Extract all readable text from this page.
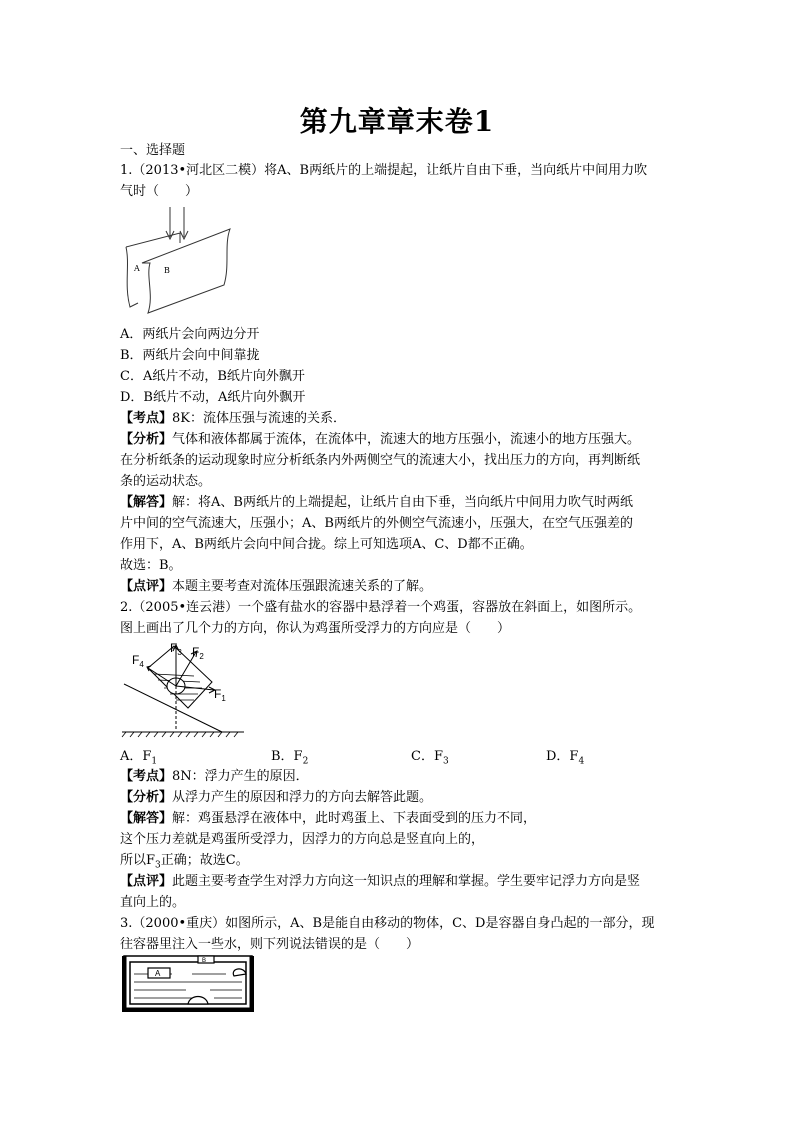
第九章章末卷1
一、选择题
1.（2013•河北区二模）将A、B两纸片的上端提起，让纸片自由下垂，当向纸片中间用力吹
气时（　　）
A	B
A．两纸片会向两边分开
B．两纸片会向中间靠拢
C．A纸片不动，B纸片向外飘开
D．B纸片不动，A纸片向外飘开
【考点】8K：流体压强与流速的关系．
【分析】气体和液体都属于流体，在流体中，流速大的地方压强小，流速小的地方压强大。
在分析纸条的运动现象时应分析纸条内外两侧空气的流速大小，找出压力的方向，再判断纸
条的运动状态。
【解答】解：将A、B两纸片的上端提起，让纸片自由下垂，当向纸片中间用力吹气时两纸
片中间的空气流速大，压强小；A、B两纸片的外侧空气流速小，压强大，在空气压强差的
作用下，A、B两纸片会向中间合拢。综上可知选项A、C、D都不正确。
故选：B。
【点评】本题主要考查对流体压强跟流速关系的了解。
2.（2005•连云港）一个盛有盐水的容器中悬浮着一个鸡蛋，容器放在斜面上，如图所示。
图上画出了几个力的方向，你认为鸡蛋所受浮力的方向应是（　　）
$F_4$
$F_3$ $F_2$
$F_1$
A．$F_1$	B．$F_2$	C．$F_3$	D．$F_4$
【考点】8N：浮力产生的原因．
【分析】从浮力产生的原因和浮力的方向去解答此题。
【解答】解：鸡蛋悬浮在液体中，此时鸡蛋上、下表面受到的压力不同，
这个压力差就是鸡蛋所受浮力，因浮力的方向总是竖直向上的，
所以$F_3$正确；故选C。
【点评】此题主要考查学生对浮力方向这一知识点的理解和掌握。学生要牢记浮力方向是竖
直向上的。
3.（2000•重庆）如图所示，A、B是能自由移动的物体，C、D是容器自身凸起的一部分，现
往容器里注入一些水，则下列说法错误的是（　　）
A
B
